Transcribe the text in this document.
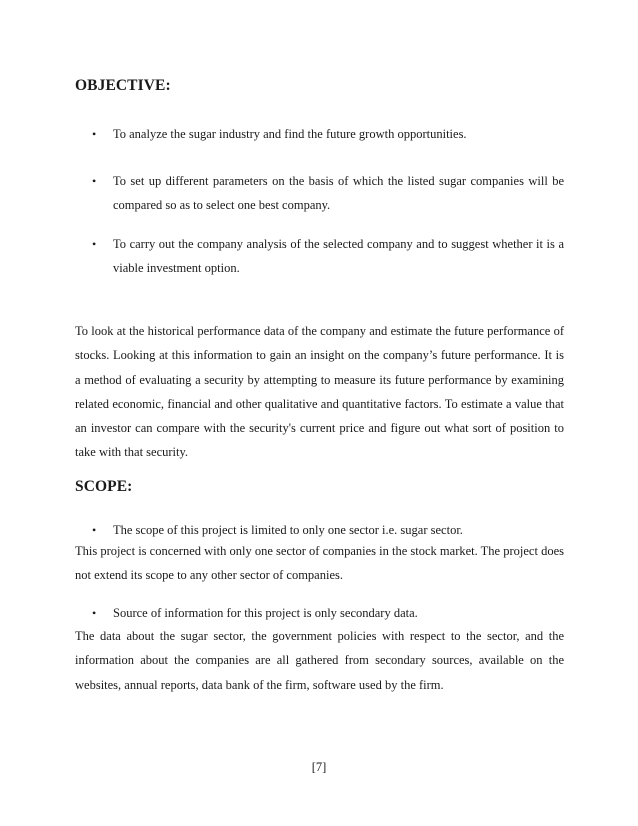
OBJECTIVE:
• To analyze the sugar industry and find the future growth opportunities.
• To set up different parameters on the basis of which the listed sugar companies will be compared so as to select one best company.
• To carry out the company analysis of the selected company and to suggest whether it is a viable investment option.

To look at the historical performance data of the company and estimate the future performance of stocks. Looking at this information to gain an insight on the company’s future performance. It is a method of evaluating a security by attempting to measure its future performance by examining related economic, financial and other qualitative and quantitative factors. To estimate a value that an investor can compare with the security's current price and figure out what sort of position to take with that security.

SCOPE:
• The scope of this project is limited to only one sector i.e. sugar sector.

This project is concerned with only one sector of companies in the stock market. The project does not extend its scope to any other sector of companies.

• Source of information for this project is only secondary data.

The data about the sugar sector, the government policies with respect to the sector, and the information about the companies are all gathered from secondary sources, available on the websites, annual reports, data bank of the firm, software used by the firm.

[7]
